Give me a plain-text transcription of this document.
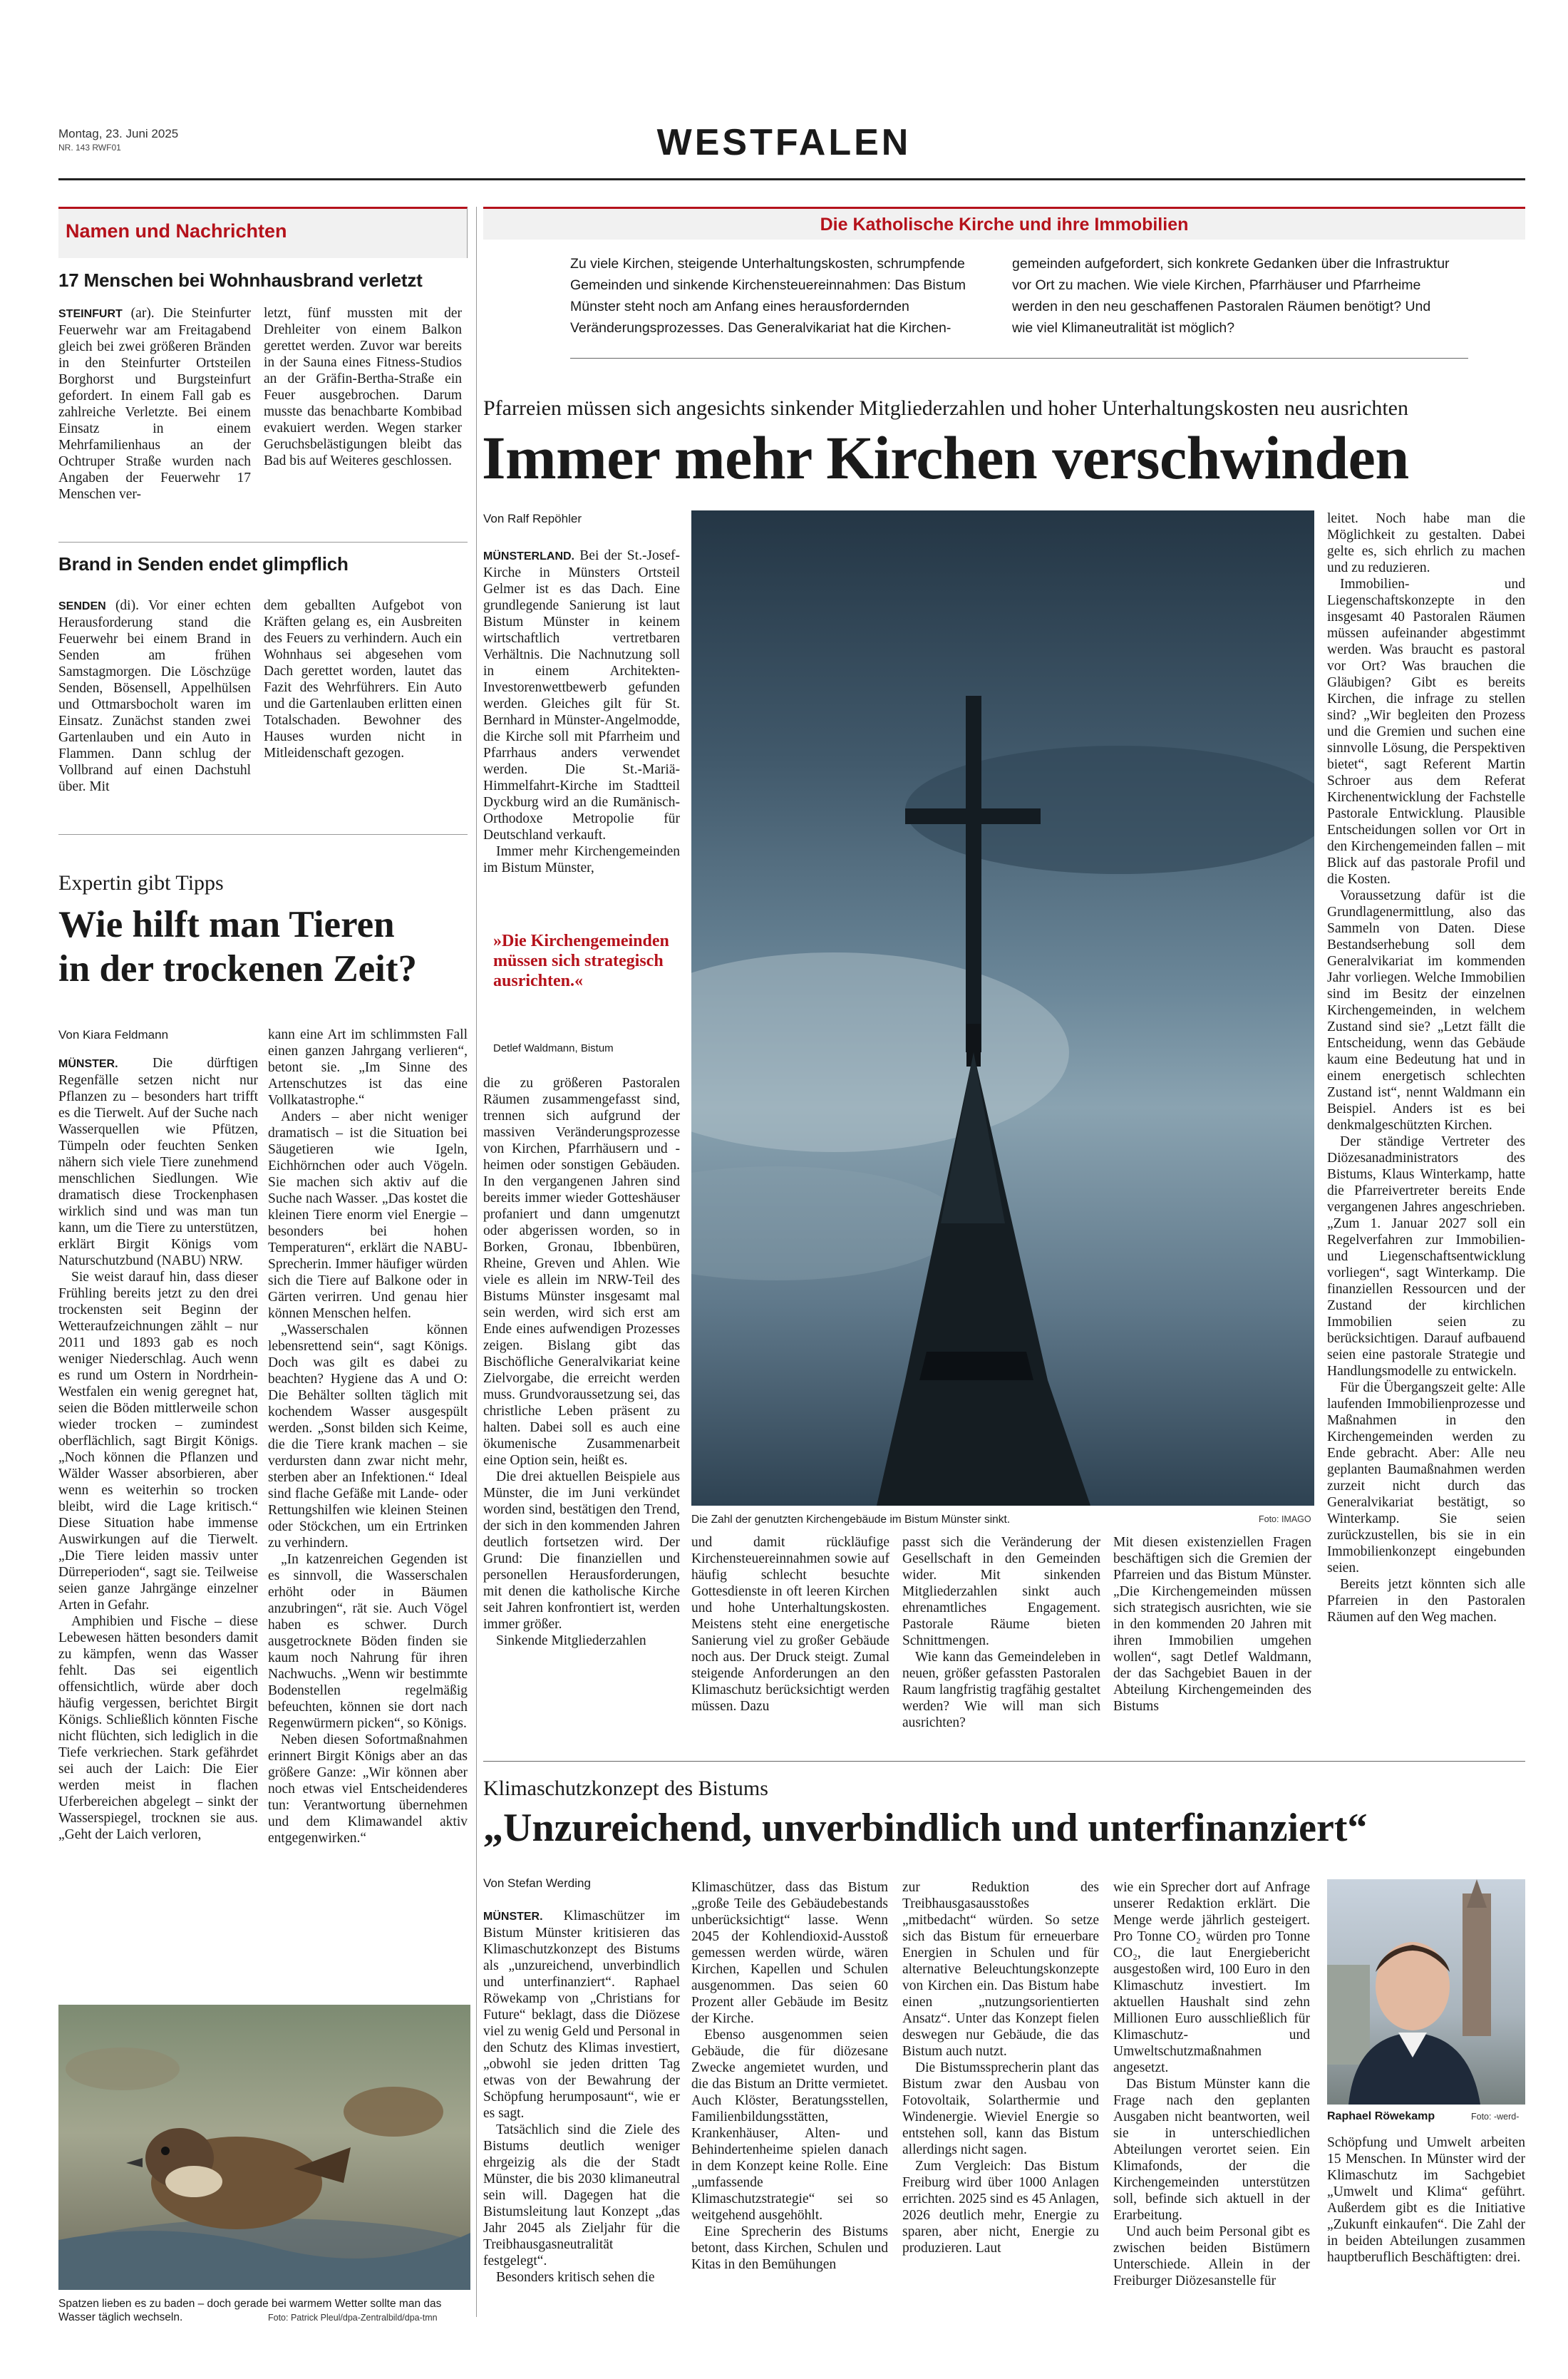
Montag, 23. Juni 2025
NR. 143 RWF01	WESTFALEN
Namen und Nachrichten
17 Menschen bei Wohnhausbrand verletzt
STEINFURT (ar). Die Steinfurter Feuerwehr war am Freitagabend gleich bei zwei größeren Bränden in den Steinfurter Ortsteilen Borghorst und Burgsteinfurt gefordert. In einem Fall gab es zahlreiche Verletzte. Bei einem Einsatz in einem Mehrfamilienhaus an der Ochtruper Straße wurden nach Angaben der Feuerwehr 17 Menschen ver-
letzt, fünf mussten mit der Drehleiter von einem Balkon gerettet werden. Zuvor war bereits in der Sauna eines Fitness-Studios an der Gräfin-Bertha-Straße ein Feuer ausgebrochen. Darum musste das benachbarte Kombibad evakuiert werden. Wegen starker Geruchsbelästigungen bleibt das Bad bis auf Weiteres geschlossen.
Brand in Senden endet glimpflich
SENDEN (di). Vor einer echten Herausforderung stand die Feuerwehr bei einem Brand in Senden am frühen Samstagmorgen. Die Löschzüge Senden, Bösensell, Appelhülsen und Ottmarsbocholt waren im Einsatz. Zunächst standen zwei Gartenlauben und ein Auto in Flammen. Dann schlug der Vollbrand auf einen Dachstuhl über. Mit
dem geballten Aufgebot von Kräften gelang es, ein Ausbreiten des Feuers zu verhindern. Auch ein Wohnhaus sei abgesehen vom Dach gerettet worden, lautet das Fazit des Wehrführers. Ein Auto und die Gartenlauben erlitten einen Totalschaden. Bewohner des Hauses wurden nicht in Mitleidenschaft gezogen.
Expertin gibt Tipps
Wie hilft man Tieren
in der trockenen Zeit?
Von Kiara Feldmann

MÜNSTER. Die dürftigen Regenfälle setzen nicht nur Pflanzen zu – besonders hart trifft es die Tierwelt. Auf der Suche nach Wasserquellen wie Pfützen, Tümpeln oder feuchten Senken nähern sich viele Tiere zunehmend menschlichen Siedlungen. Wie dramatisch diese Trockenphasen wirklich sind und was man tun kann, um die Tiere zu unterstützen, erklärt Birgit Königs vom Naturschutzbund (NABU) NRW.

Sie weist darauf hin, dass dieser Frühling bereits jetzt zu den drei trockensten seit Beginn der Wetteraufzeichnungen zählt – nur 2011 und 1893 gab es noch weniger Niederschlag. Auch wenn es rund um Ostern in Nordrhein-Westfalen ein wenig geregnet hat, seien die Böden mittlerweile schon wieder trocken – zumindest oberflächlich, sagt Birgit Königs. „Noch können die Pflanzen und Wälder Wasser absorbieren, aber wenn es weiterhin so trocken bleibt, wird die Lage kritisch.“ Diese Situation habe immense Auswirkungen auf die Tierwelt. „Die Tiere leiden massiv unter Dürreperioden“, sagt sie. Teilweise seien ganze Jahrgänge einzelner Arten in Gefahr.

Amphibien und Fische – diese Lebewesen hätten besonders damit zu kämpfen, wenn das Wasser fehlt. Das sei eigentlich offensichtlich, würde aber doch häufig vergessen, berichtet Birgit Königs. Schließlich könnten Fische nicht flüchten, sich lediglich in die Tiefe verkriechen. Stark gefährdet sei auch der Laich: Die Eier werden meist in flachen Uferbereichen abgelegt – sinkt der Wasserspiegel, trocknen sie aus. „Geht der Laich verloren,

kann eine Art im schlimmsten Fall einen ganzen Jahrgang verlieren“, betont sie. „Im Sinne des Artenschutzes ist das eine Vollkatastrophe.“

Anders – aber nicht weniger dramatisch – ist die Situation bei Säugetieren wie Igeln, Eichhörnchen oder auch Vögeln. Sie machen sich aktiv auf die Suche nach Wasser. „Das kostet die kleinen Tiere enorm viel Energie – besonders bei hohen Temperaturen“, erklärt die NABU-Sprecherin. Immer häufiger würden sich die Tiere auf Balkone oder in Gärten verirren. Und genau hier können Menschen helfen.

„Wasserschalen können lebensrettend sein“, sagt Königs. Doch was gilt es dabei zu beachten? Hygiene das A und O: Die Behälter sollten täglich mit kochendem Wasser ausgespült werden. „Sonst bilden sich Keime, die die Tiere krank machen – sie verdursten dann zwar nicht mehr, sterben aber an Infektionen.“ Ideal sind flache Gefäße mit Lande- oder Rettungshilfen wie kleinen Steinen oder Stöckchen, um ein Ertrinken zu verhindern.

„In katzenreichen Gegenden ist es sinnvoll, die Wasserschalen erhöht oder in Bäumen anzubringen“, rät sie. Auch Vögel haben es schwer. Durch ausgetrocknete Böden finden sie kaum noch Nahrung für ihren Nachwuchs. „Wenn wir bestimmte Bodenstellen regelmäßig befeuchten, können sie dort nach Regenwürmern picken“, so Königs.

Neben diesen Sofortmaßnahmen erinnert Birgit Königs aber an das größere Ganze: „Wir können aber noch etwas viel Entscheidenderes tun: Verantwortung übernehmen und dem Klimawandel aktiv entgegenwirken.“

Spatzen lieben es zu baden – doch gerade bei warmem Wetter sollte man das Wasser täglich wechseln.	Foto: Patrick Pleul/dpa-Zentralbild/dpa-tmn
Die Katholische Kirche und ihre Immobilien
Zu viele Kirchen, steigende Unterhaltungskosten, schrumpfende Gemeinden und sinkende Kirchensteuereinnahmen: Das Bistum Münster steht noch am Anfang eines herausfordernden Veränderungsprozesses. Das Generalvikariat hat die Kirchen-
gemeinden aufgefordert, sich konkrete Gedanken über die Infrastruktur vor Ort zu machen. Wie viele Kirchen, Pfarrhäuser und Pfarrheime werden in den neu geschaffenen Pastoralen Räumen benötigt? Und wie viel Klimaneutralität ist möglich?
Pfarreien müssen sich angesichts sinkender Mitgliederzahlen und hoher Unterhaltungskosten neu ausrichten
Immer mehr Kirchen verschwinden
Von Ralf Repöhler

MÜNSTERLAND. Bei der St.-Josef-Kirche in Münsters Ortsteil Gelmer ist es das Dach. Eine grundlegende Sanierung ist laut Bistum Münster in keinem wirtschaftlich vertretbaren Verhältnis. Die Nachnutzung soll in einem Architekten-Investorenwettbewerb gefunden werden. Gleiches gilt für St. Bernhard in Münster-Angelmodde, die Kirche soll mit Pfarrheim und Pfarrhaus anders verwendet werden. Die St.-Mariä-Himmelfahrt-Kirche im Stadtteil Dyckburg wird an die Rumänisch-Orthodoxe Metropolie für Deutschland verkauft.

Immer mehr Kirchengemeinden im Bistum Münster,

»Die Kirchengemeinden müssen sich strategisch ausrichten.«
Detlef Waldmann, Bistum

die zu größeren Pastoralen Räumen zusammengefasst sind, trennen sich aufgrund der massiven Veränderungsprozesse von Kirchen, Pfarrhäusern und -heimen oder sonstigen Gebäuden. In den vergangenen Jahren sind bereits immer wieder Gotteshäuser profaniert und dann umgenutzt oder abgerissen worden, so in Borken, Gronau, Ibbenbüren, Rheine, Greven und Ahlen. Wie viele es allein im NRW-Teil des Bistums Münster insgesamt mal sein werden, wird sich erst am Ende eines aufwendigen Prozesses zeigen. Bislang gibt das Bischöfliche Generalvikariat keine Zielvorgabe, die erreicht werden muss. Grundvoraussetzung sei, das christliche Leben präsent zu halten. Dabei soll es auch eine ökumenische Zusammenarbeit eine Option sein, heißt es.

Die drei aktuellen Beispiele aus Münster, die im Juni verkündet worden sind, bestätigen den Trend, der sich in den kommenden Jahren deutlich fortsetzen wird. Der Grund: Die finanziellen und personellen Herausforderungen, mit denen die katholische Kirche seit Jahren konfrontiert ist, werden immer größer.

Sinkende Mitgliederzahlen

Die Zahl der genutzten Kirchengebäude im Bistum Münster sinkt.	Foto: IMAGO

und damit rückläufige Kirchensteuereinnahmen sowie auf häufig schlecht besuchte Gottesdienste in oft leeren Kirchen und hohe Unterhaltungskosten. Meistens steht eine energetische Sanierung viel zu großer Gebäude noch aus. Der Druck steigt. Zumal steigende Anforderungen an den Klimaschutz berücksichtigt werden müssen. Dazu

passt sich die Veränderung der Gesellschaft in den Gemeinden wider. Mit sinkenden Mitgliederzahlen sinkt auch ehrenamtliches Engagement. Pastorale Räume bieten Schnittmengen.

Wie kann das Gemeindeleben in neuen, größer gefassten Pastoralen Raum langfristig tragfähig gestaltet werden? Wie will man sich ausrichten?

Mit diesen existenziellen Fragen beschäftigen sich die Gremien der Pfarreien und das Bistum Münster. „Die Kirchengemeinden müssen sich strategisch ausrichten, wie sie in den kommenden 20 Jahren mit ihren Immobilien umgehen wollen“, sagt Detlef Waldmann, der das Sachgebiet Bauen in der Abteilung Kirchengemeinden des Bistums

leitet. Noch habe man die Möglichkeit zu gestalten. Dabei gelte es, sich ehrlich zu machen und zu reduzieren.

Immobilien- und Liegenschaftskonzepte in den insgesamt 40 Pastoralen Räumen müssen aufeinander abgestimmt werden. Was braucht es pastoral vor Ort? Was brauchen die Gläubigen? Gibt es bereits Kirchen, die infrage zu stellen sind? „Wir begleiten den Prozess und die Gremien und suchen eine sinnvolle Lösung, die Perspektiven bietet“, sagt Referent Martin Schroer aus dem Referat Kirchenentwicklung der Fachstelle Pastorale Entwicklung. Plausible Entscheidungen sollen vor Ort in den Kirchengemeinden fallen – mit Blick auf das pastorale Profil und die Kosten.

Voraussetzung dafür ist die Grundlagenermittlung, also das Sammeln von Daten. Diese Bestandserhebung soll dem Generalvikariat im kommenden Jahr vorliegen. Welche Immobilien sind im Besitz der einzelnen Kirchengemeinden, in welchem Zustand sind sie? „Letzt fällt die Entscheidung, wenn das Gebäude kaum eine Bedeutung hat und in einem energetisch schlechten Zustand ist“, nennt Waldmann ein Beispiel. Anders ist es bei denkmalgeschützten Kirchen.

Der ständige Vertreter des Diözesanadministrators des Bistums, Klaus Winterkamp, hatte die Pfarreivertreter bereits Ende vergangenen Jahres angeschrieben. „Zum 1. Januar 2027 soll ein Regelverfahren zur Immobilien- und Liegenschaftsentwicklung vorliegen“, sagt Winterkamp. Die finanziellen Ressourcen und der Zustand der kirchlichen Immobilien seien zu berücksichtigen. Darauf aufbauend seien eine pastorale Strategie und Handlungsmodelle zu entwickeln.

Für die Übergangszeit gelte: Alle laufenden Immobilienprozesse und Maßnahmen in den Kirchengemeinden werden zu Ende gebracht. Aber: Alle neu geplanten Baumaßnahmen werden zurzeit nicht durch das Generalvikariat bestätigt, so Winterkamp. Sie seien zurückzustellen, bis sie in ein Immobilienkonzept eingebunden seien.

Bereits jetzt könnten sich alle Pfarreien in den Pastoralen Räumen auf den Weg machen.

Klimaschutzkonzept des Bistums
„Unzureichend, unverbindlich und unterfinanziert“
Von Stefan Werding

MÜNSTER. Klimaschützer im Bistum Münster kritisieren das Klimaschutzkonzept des Bistums als „unzureichend, unverbindlich und unterfinanziert“. Raphael Röwekamp von „Christians for Future“ beklagt, dass die Diözese viel zu wenig Geld und Personal in den Schutz des Klimas investiert, „obwohl sie jeden dritten Tag etwas von der Bewahrung der Schöpfung herumposaunt“, wie er es sagt.

Tatsächlich sind die Ziele des Bistums deutlich weniger ehrgeizig als die der Stadt Münster, die bis 2030 klimaneutral sein will. Dagegen hat die Bistumsleitung laut Konzept „das Jahr 2045 als Zieljahr für die Treibhausgasneutralität festgelegt“.

Besonders kritisch sehen die

Klimaschützer, dass das Bistum „große Teile des Gebäudebestands unberücksichtigt“ lasse. Wenn 2045 der Kohlendioxid-Ausstoß gemessen werden würde, wären Kirchen, Kapellen und Schulen ausgenommen. Das seien 60 Prozent aller Gebäude im Besitz der Kirche.

Ebenso ausgenommen seien Gebäude, die für diözesane Zwecke angemietet wurden, und die das Bistum an Dritte vermietet. Auch Klöster, Beratungsstellen, Familienbildungsstätten, Krankenhäuser, Alten- und Behindertenheime spielen danach in dem Konzept keine Rolle. Eine „umfassende Klimaschutzstrategie“ sei so weitgehend ausgehöhlt.

Eine Sprecherin des Bistums betont, dass Kirchen, Schulen und Kitas in den Bemühungen

zur Reduktion des Treibhausgasausstoßes „mitbedacht“ würden. So setze sich das Bistum für erneuerbare Energien in Schulen und für alternative Beleuchtungskonzepte von Kirchen ein. Das Bistum habe einen „nutzungsorientierten Ansatz“. Unter das Konzept fielen deswegen nur Gebäude, die das Bistum auch nutzt.

Die Bistumssprecherin plant das Bistum zwar den Ausbau von Fotovoltaik, Solarthermie und Windenergie. Wieviel Energie so entstehen soll, kann das Bistum allerdings nicht sagen.

Zum Vergleich: Das Bistum Freiburg wird über 1000 Anlagen errichten. 2025 sind es 45 Anlagen, 2026 deutlich mehr, Energie zu sparen, aber nicht, Energie zu produzieren. Laut

wie ein Sprecher dort auf Anfrage unserer Redaktion erklärt. Die Menge werde jährlich gesteigert. Pro Tonne CO₂ würden pro Tonne CO₂, die laut Energiebericht ausgestoßen wird, 100 Euro in den Klimaschutz investiert. Im aktuellen Haushalt sind zehn Millionen Euro ausschließlich für Klimaschutz- und Umweltschutzmaßnahmen angesetzt.

Das Bistum Münster kann die Frage nach den geplanten Ausgaben nicht beantworten, weil sie in unterschiedlichen Abteilungen verortet seien. Ein Klimafonds, der die Kirchengemeinden unterstützen soll, befinde sich aktuell in der Erarbeitung.

Und auch beim Personal gibt es zwischen beiden Bistümern Unterschiede. Allein in der Freiburger Diözesanstelle für

Raphael Röwekamp	Foto: -werd-

Schöpfung und Umwelt arbeiten 15 Menschen. In Münster wird der Klimaschutz im Sachgebiet „Umwelt und Klima“ geführt. Außerdem gibt es die Initiative „Zukunft einkaufen“. Die Zahl der in beiden Abteilungen zusammen hauptberuflich Beschäftigten: drei.
